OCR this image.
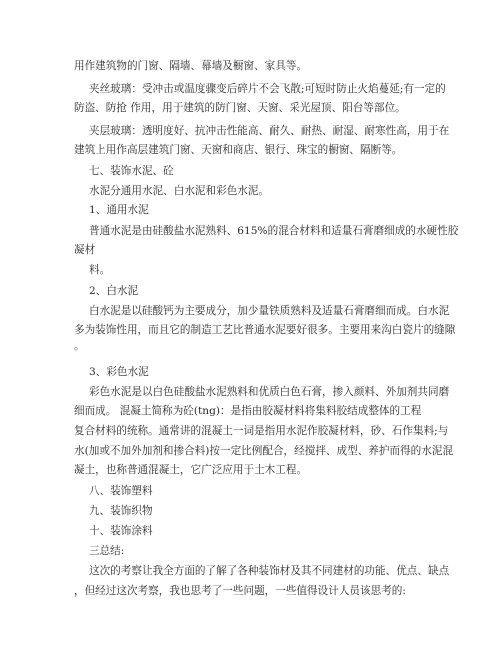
用作建筑物的门窗、隔墙、幕墙及橱窗、家具等。
夹丝玻璃：受冲击或温度骤变后碎片不会飞散;可短时防止火焰蔓延;有一定的
防盗、防抢 作用，用于建筑的防门窗、天窗、采光屋顶、阳台等部位。
夹层玻璃：透明度好、抗冲击性能高、耐久、耐热、耐湿、耐寒性高，用于在
建筑上用作高层建筑门窗、天窗和商店、银行、珠宝的橱窗、隔断等。
七、装饰水泥、砼
水泥分通用水泥、白水泥和彩色水泥。
1、通用水泥
普通水泥是由硅酸盐水泥熟料、615%的混合材料和适量石膏磨细成的水硬性胶
凝材
料。
2、白水泥
白水泥是以硅酸钙为主要成分，加少量铁质熟料及适量石膏磨细而成。白水泥
多为装饰性用，而且它的制造工艺比普通水泥要好很多。主要用来沟白瓷片的缝隙
。
3、彩色水泥
彩色水泥是以白色硅酸盐水泥熟料和优质白色石膏，掺入颜料、外加剂共同磨
细而成。 混凝土简称为砼(tng)：是指由胶凝材料将集料胶结成整体的工程
复合材料的统称。通常讲的混凝土一词是指用水泥作胶凝材料，砂、石作集料;与
水(加或不加外加剂和掺合料)按一定比例配合，经搅拌、成型、养护而得的水泥混
凝土，也称普通混凝土，它广泛应用于土木工程。
八、装饰塑料
九、装饰织物
十、装饰涂料
三总结:
这次的考察让我全方面的了解了各种装饰材及其不同建材的功能、优点、缺点
，但经过这次考察，我也思考了一些问题，一些值得设计人员该思考的:
